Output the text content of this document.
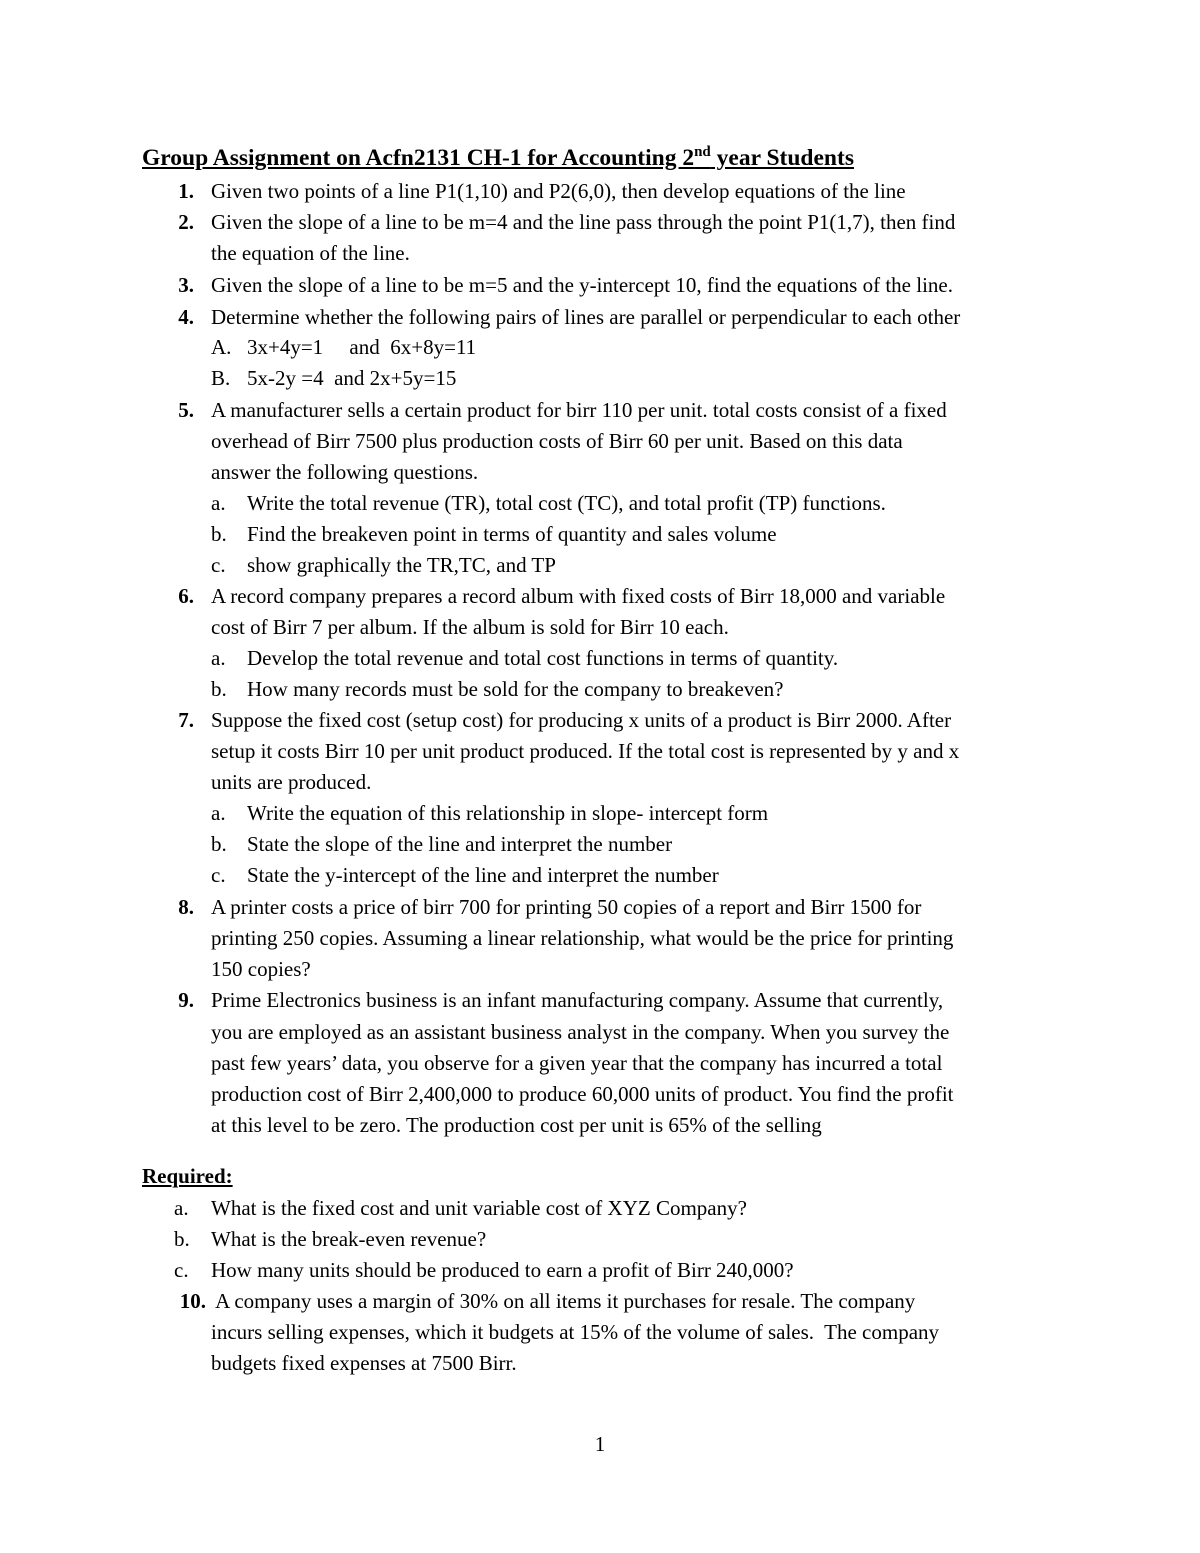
Group Assignment on Acfn2131 CH-1 for Accounting 2nd year Students
1. Given two points of a line P1(1,10) and P2(6,0), then develop equations of the line
2. Given the slope of a line to be m=4 and the line pass through the point P1(1,7), then find
the equation of the line.
3. Given the slope of a line to be m=5 and the y-intercept 10, find the equations of the line.
4. Determine whether the following pairs of lines are parallel or perpendicular to each other
A. 3x+4y=1     and  6x+8y=11
B. 5x-2y =4  and 2x+5y=15
5. A manufacturer sells a certain product for birr 110 per unit. total costs consist of a fixed
overhead of Birr 7500 plus production costs of Birr 60 per unit. Based on this data
answer the following questions.
a. Write the total revenue (TR), total cost (TC), and total profit (TP) functions.
b. Find the breakeven point in terms of quantity and sales volume
c. show graphically the TR,TC, and TP
6. A record company prepares a record album with fixed costs of Birr 18,000 and variable
cost of Birr 7 per album. If the album is sold for Birr 10 each.
a. Develop the total revenue and total cost functions in terms of quantity.
b. How many records must be sold for the company to breakeven?
7. Suppose the fixed cost (setup cost) for producing x units of a product is Birr 2000. After
setup it costs Birr 10 per unit product produced. If the total cost is represented by y and x
units are produced.
a. Write the equation of this relationship in slope- intercept form
b. State the slope of the line and interpret the number
c. State the y-intercept of the line and interpret the number
8. A printer costs a price of birr 700 for printing 50 copies of a report and Birr 1500 for
printing 250 copies. Assuming a linear relationship, what would be the price for printing
150 copies?
9. Prime Electronics business is an infant manufacturing company. Assume that currently,
you are employed as an assistant business analyst in the company. When you survey the
past few years’ data, you observe for a given year that the company has incurred a total
production cost of Birr 2,400,000 to produce 60,000 units of product. You find the profit
at this level to be zero. The production cost per unit is 65% of the selling
Required:
a. What is the fixed cost and unit variable cost of XYZ Company?
b. What is the break-even revenue?
c. How many units should be produced to earn a profit of Birr 240,000?
10. A company uses a margin of 30% on all items it purchases for resale. The company
incurs selling expenses, which it budgets at 15% of the volume of sales.  The company
budgets fixed expenses at 7500 Birr.
1
